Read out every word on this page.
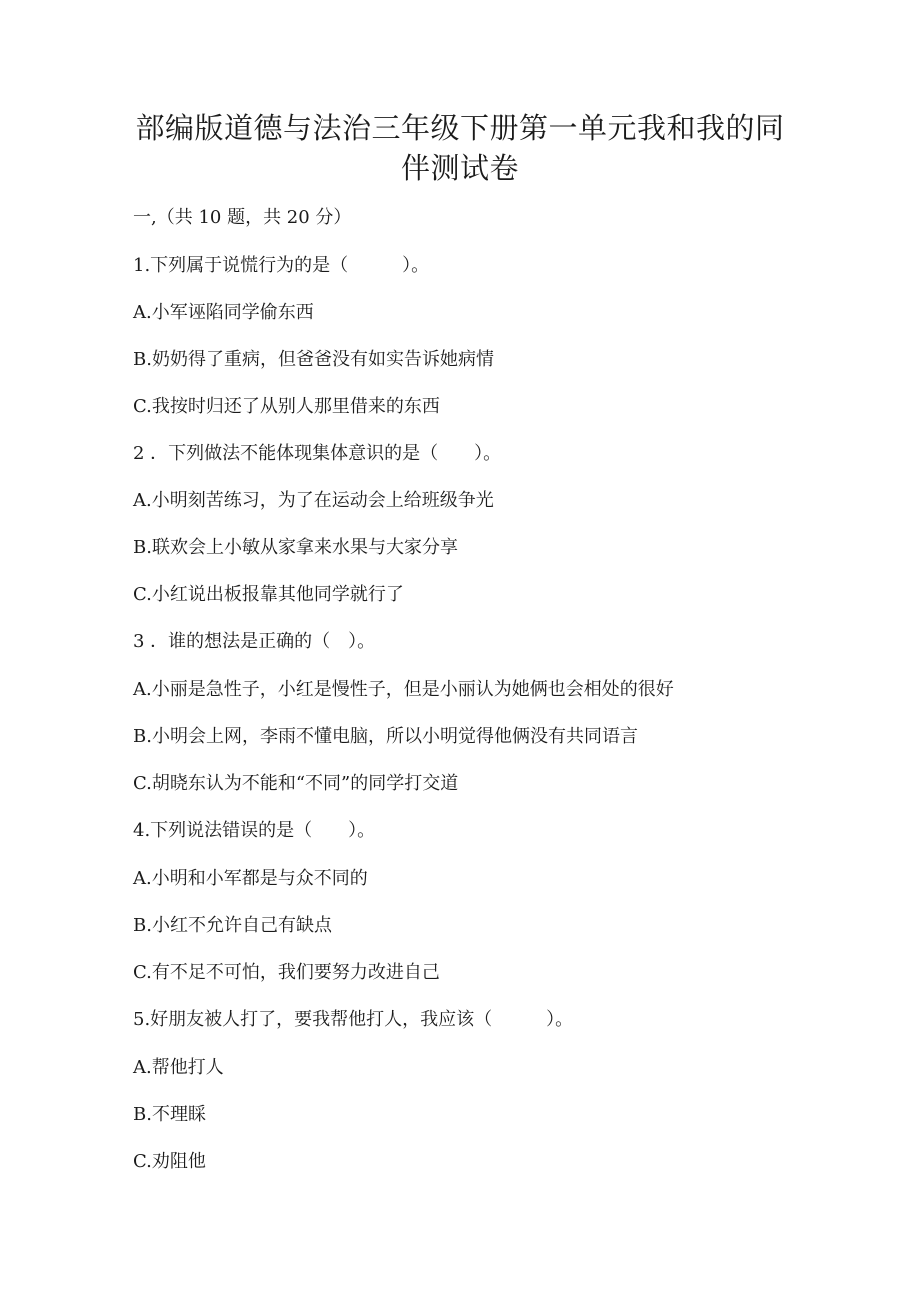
部编版道德与法治三年级下册第一单元我和我的同
伴测试卷
一,（共 10 题，共 20 分）
1.下列属于说慌行为的是（　　　）。
A.小军诬陷同学偷东西
B.奶奶得了重病，但爸爸没有如实告诉她病情
C.我按时归还了从别人那里借来的东西
2 ．下列做法不能体现集体意识的是（　　）。
A.小明刻苦练习，为了在运动会上给班级争光
B.联欢会上小敏从家拿来水果与大家分享
C.小红说出板报靠其他同学就行了
3 ．谁的想法是正确的（　）。
A.小丽是急性子，小红是慢性子，但是小丽认为她俩也会相处的很好
B.小明会上网，李雨不懂电脑，所以小明觉得他俩没有共同语言
C.胡晓东认为不能和“不同”的同学打交道
4.下列说法错误的是（　　）。
A.小明和小军都是与众不同的
B.小红不允许自己有缺点
C.有不足不可怕，我们要努力改进自己
5.好朋友被人打了，要我帮他打人，我应该（　　　）。
A.帮他打人
B.不理睬
C.劝阻他
